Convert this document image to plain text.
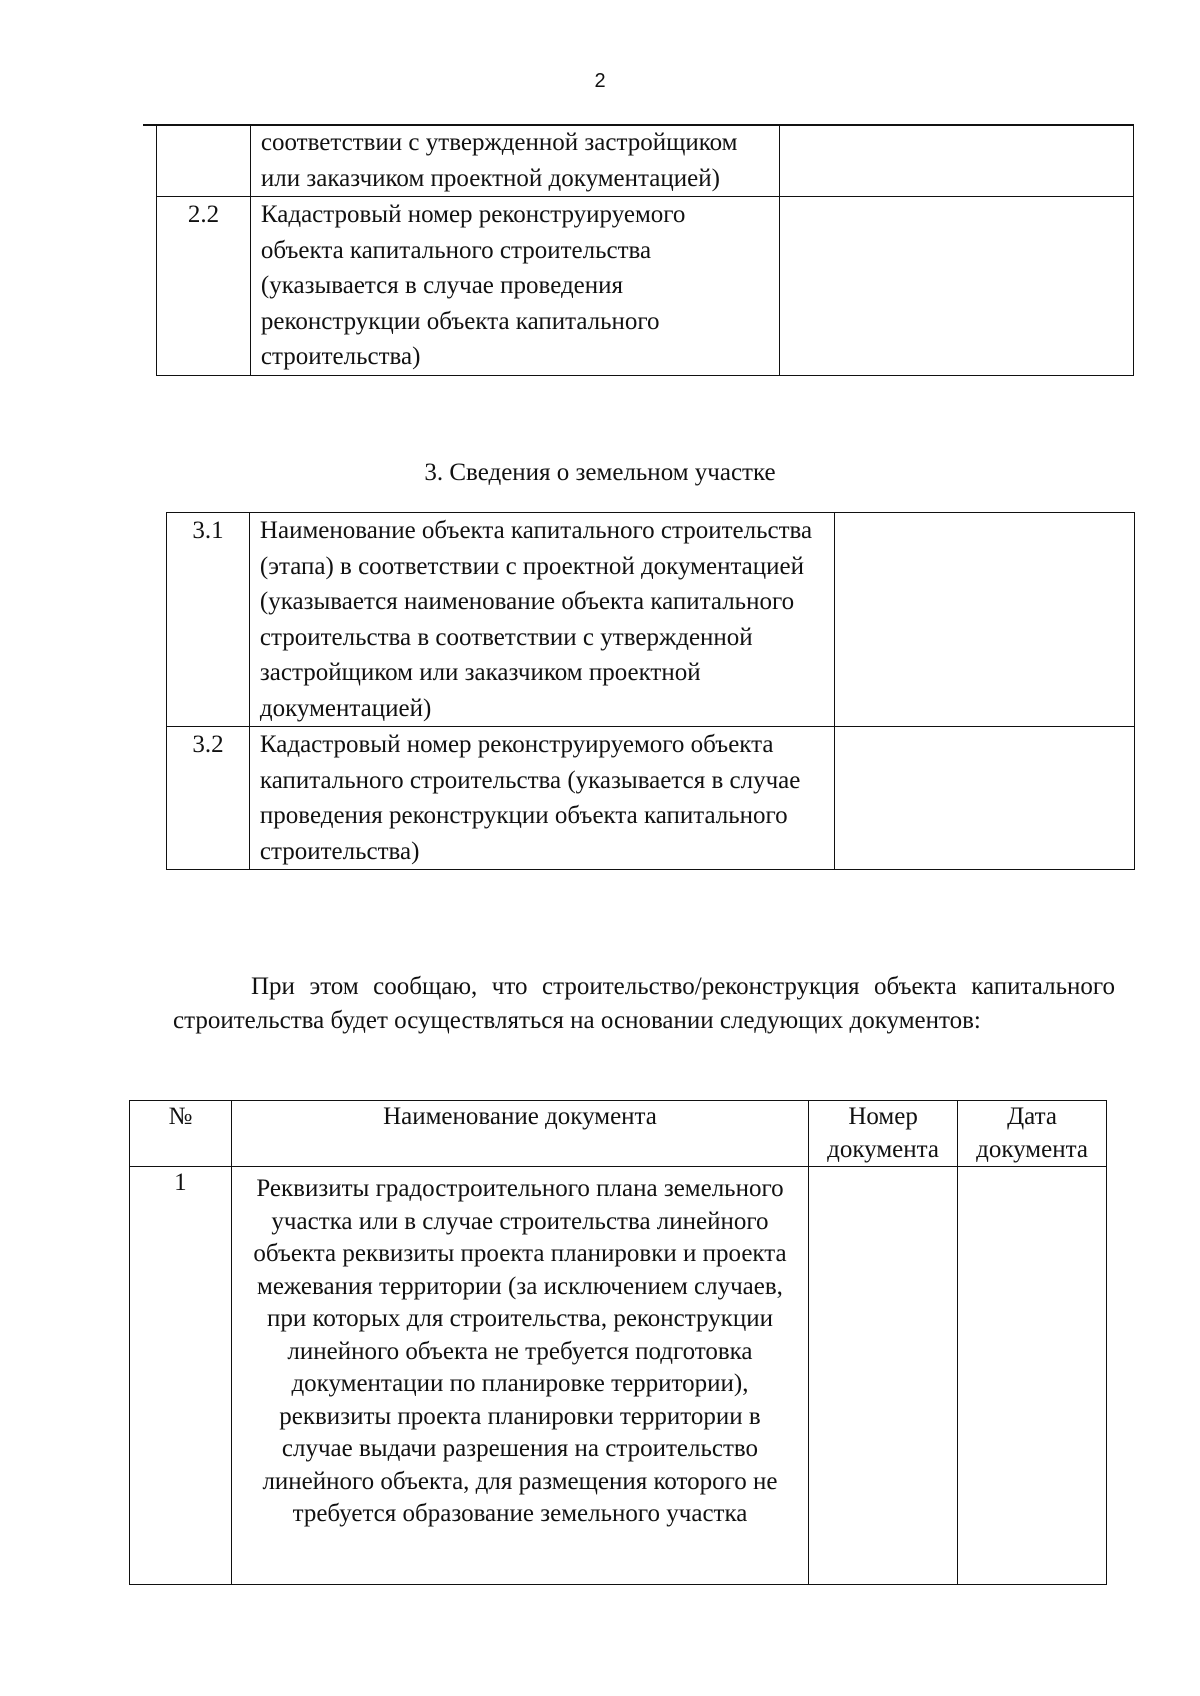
2
	соответствии с утвержденной застройщиком или заказчиком проектной документацией)	
2.2	Кадастровый номер реконструируемого объекта капитального строительства (указывается в случае проведения реконструкции объекта капитального строительства)	
3. Сведения о земельном участке
3.1	Наименование объекта капитального строительства (этапа) в соответствии с проектной документацией (указывается наименование объекта капитального строительства в соответствии с утвержденной застройщиком или заказчиком проектной документацией)	
3.2	Кадастровый номер реконструируемого объекта капитального строительства (указывается в случае проведения реконструкции объекта капитального строительства)	

При этом сообщаю, что строительство/реконструкция объекта капитального строительства будет осуществляться на основании следующих документов:

№	Наименование документа	Номер документа	Дата документа
1	Реквизиты градостроительного плана земельного участка или в случае строительства линейного объекта реквизиты проекта планировки и проекта межевания территории (за исключением случаев, при которых для строительства, реконструкции линейного объекта не требуется подготовка документации по планировке территории), реквизиты проекта планировки территории в случае выдачи разрешения на строительство линейного объекта, для размещения которого не требуется образование земельного участка		
